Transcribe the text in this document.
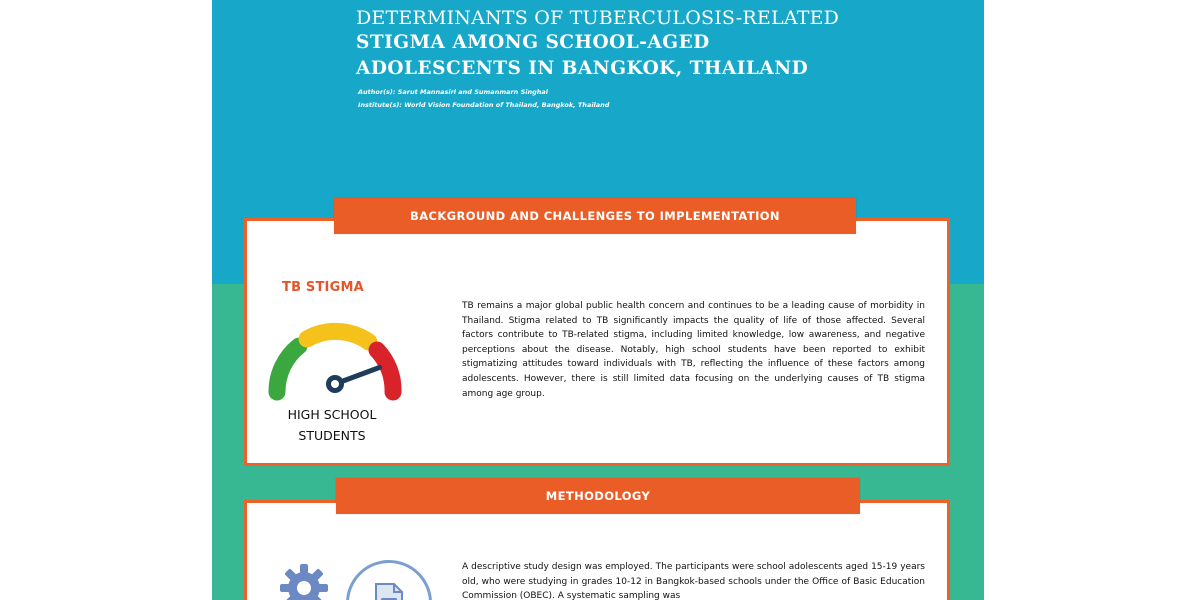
DETERMINANTS OF TUBERCULOSIS-RELATED
STIGMA AMONG SCHOOL-AGED
ADOLESCENTS IN BANGKOK, THAILAND
Author(s): Sarut Mannasirl and Sumanmarn Singhal
Institute(s): World Vision Foundation of Thailand, Bangkok, Thailand
BACKGROUND AND CHALLENGES TO IMPLEMENTATION
TB STIGMA
HIGH SCHOOL
STUDENTS
TB remains a major global public health concern and continues to be a leading cause of morbidity in Thailand. Stigma related to TB significantly impacts the quality of life of those affected. Several factors contribute to TB-related stigma, including limited knowledge, low awareness, and negative perceptions about the disease. Notably, high school students have been reported to exhibit stigmatizing attitudes toward individuals with TB, reflecting the influence of these factors among adolescents. However, there is still limited data focusing on the underlying causes of TB stigma among age group.
METHODOLOGY
A descriptive study design was employed. The participants were school adolescents aged 15-19 years old, who were studying in grades 10-12 in Bangkok-based schools under the Office of Basic Education Commission (OBEC). A systematic sampling was
